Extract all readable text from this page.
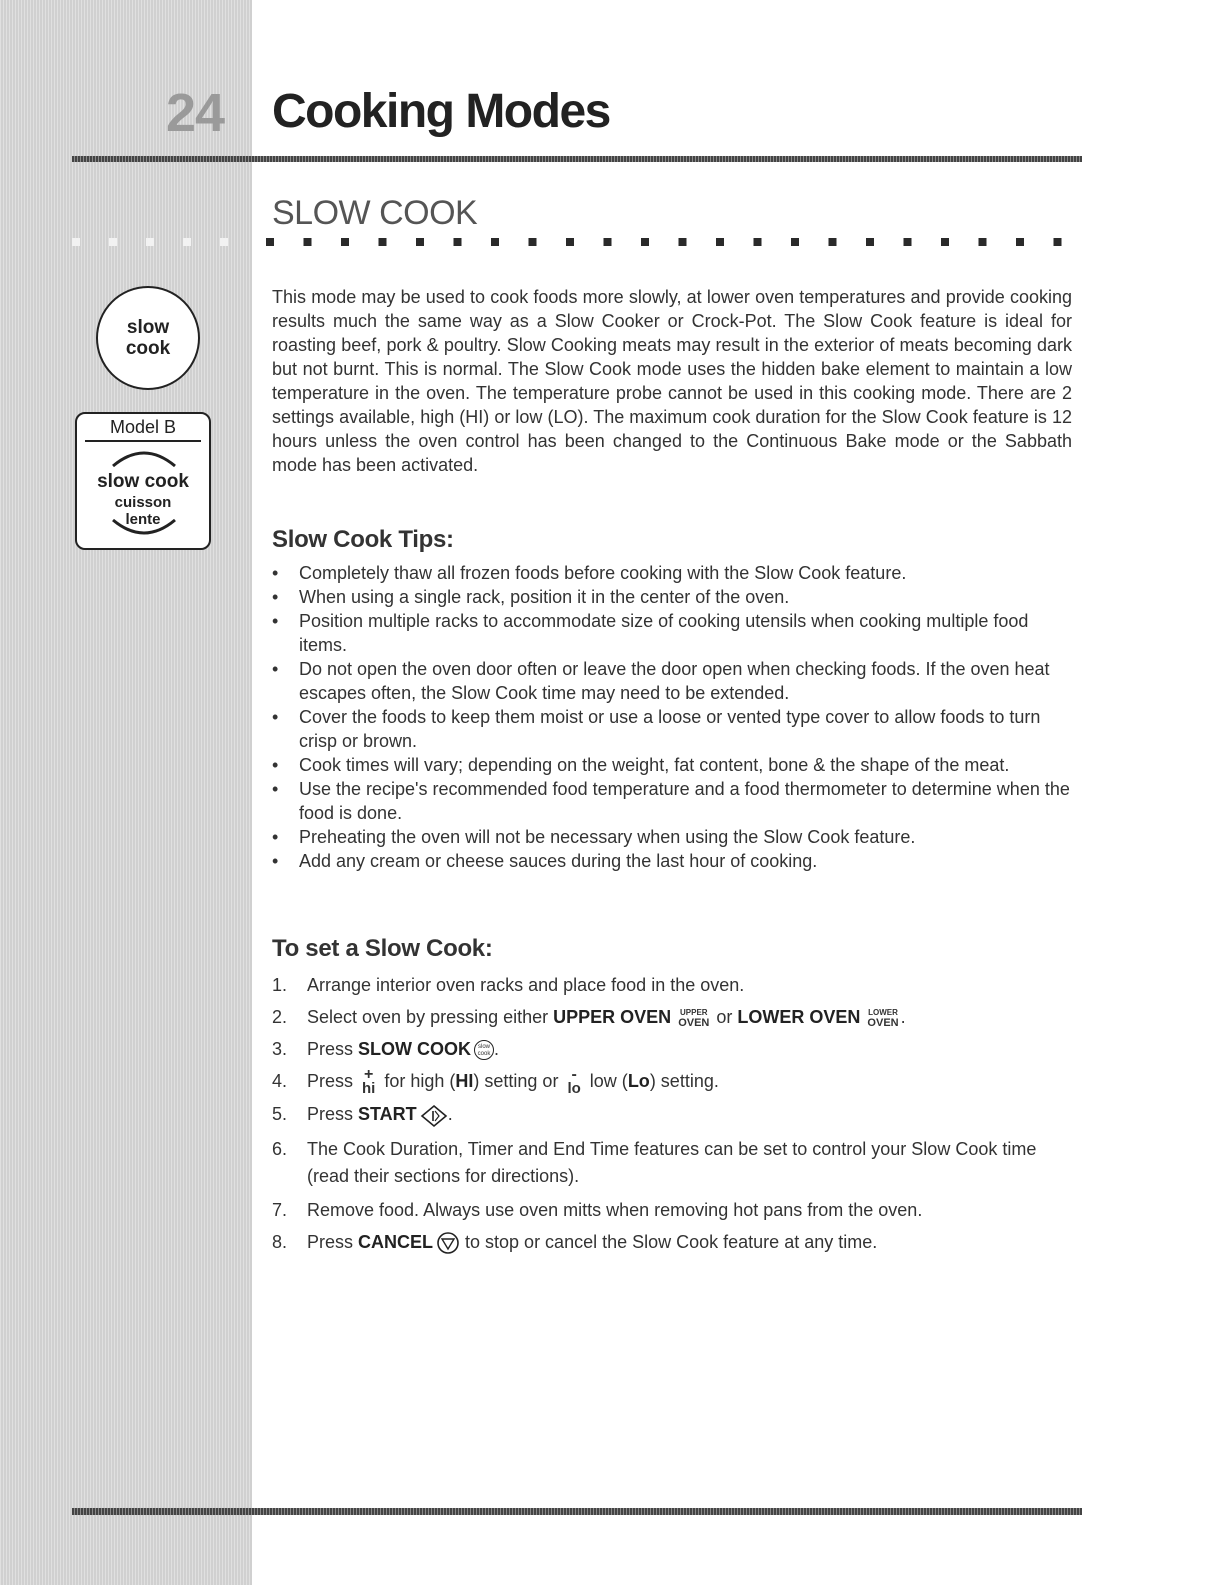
24 Cooking Modes
SLOW COOK
slow
cook
Model B
slow cook
cuisson
lente

This mode may be used to cook foods more slowly, at lower oven temperatures and provide cooking results much the same way as a Slow Cooker or Crock-Pot. The Slow Cook feature is ideal for roasting beef, pork & poultry. Slow Cooking meats may result in the exterior of meats becoming dark but not burnt. This is normal. The Slow Cook mode uses the hidden bake element to maintain a low temperature in the oven. The temperature probe cannot be used in this cooking mode. There are 2 settings available, high (HI) or low (LO). The maximum cook duration for the Slow Cook feature is 12 hours unless the oven control has been changed to the Continuous Bake mode or the Sabbath mode has been activated.

Slow Cook Tips:
• Completely thaw all frozen foods before cooking with the Slow Cook feature.
• When using a single rack, position it in the center of the oven.
• Position multiple racks to accommodate size of cooking utensils when cooking multiple food items.
• Do not open the oven door often or leave the door open when checking foods. If the oven heat escapes often, the Slow Cook time may need to be extended.
• Cover the foods to keep them moist or use a loose or vented type cover to allow foods to turn crisp or brown.
• Cook times will vary; depending on the weight, fat content, bone & the shape of the meat.
• Use the recipe's recommended food temperature and a food thermometer to determine when the food is done.
• Preheating the oven will not be necessary when using the Slow Cook feature.
• Add any cream or cheese sauces during the last hour of cooking.
To set a Slow Cook:
1. Arrange interior oven racks and place food in the oven.
2. Select oven by pressing either UPPER OVEN UPPER
OVEN or LOWER OVEN LOWER
OVEN .
3. Press SLOW COOK slow
cook .
4. Press +
hi for high (HI) setting or -
lo low (Lo) setting.
5. Press START .
6. The Cook Duration, Timer and End Time features can be set to control your Slow Cook time (read their sections for directions).
7. Remove food. Always use oven mitts when removing hot pans from the oven.
8. Press CANCEL to stop or cancel the Slow Cook feature at any time.
